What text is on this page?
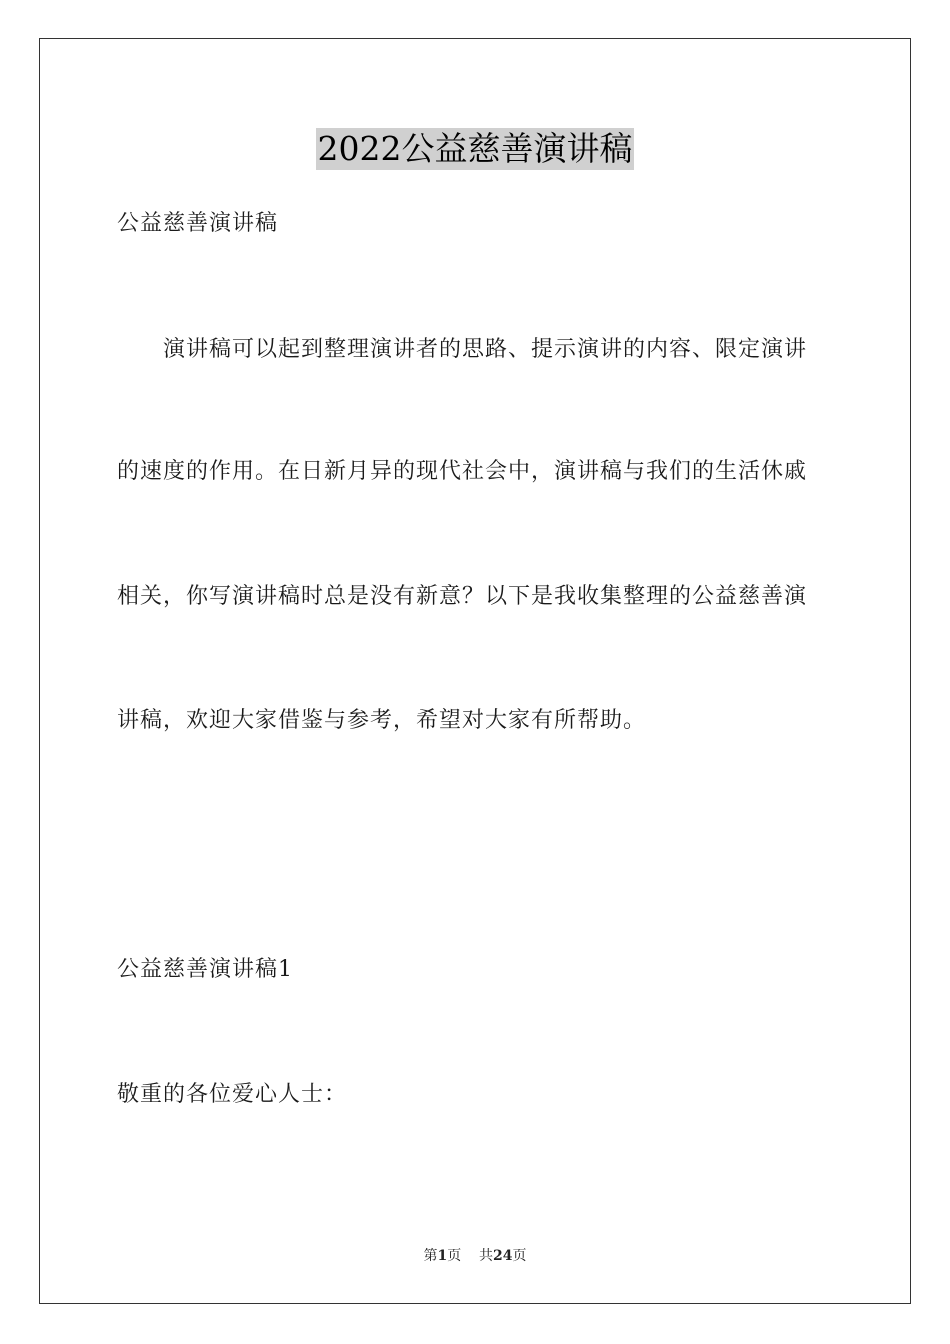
2022公益慈善演讲稿
公益慈善演讲稿
演讲稿可以起到整理演讲者的思路、提示演讲的内容、限定演讲
的速度的作用。在日新月异的现代社会中，演讲稿与我们的生活休戚
相关，你写演讲稿时总是没有新意？以下是我收集整理的公益慈善演
讲稿，欢迎大家借鉴与参考，希望对大家有所帮助。
公益慈善演讲稿1
敬重的各位爱心人士：
第1页 共24页
